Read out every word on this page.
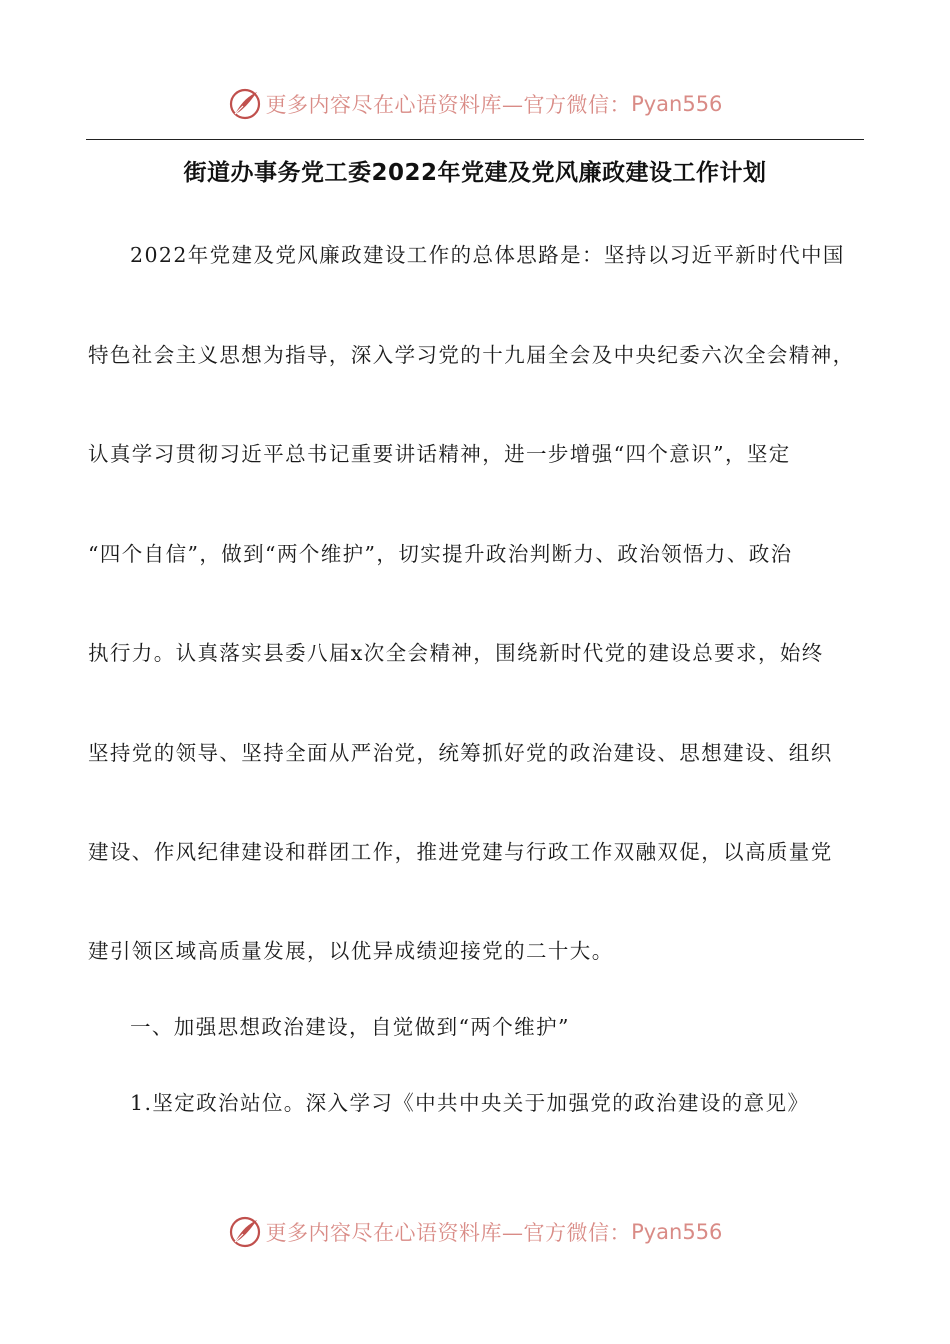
更多内容尽在心语资料库—官方微信： Pyan556
街道办事务党工委2022年党建及党风廉政建设工作计划
2022年党建及党风廉政建设工作的总体思路是：坚持以习近平新时代中国
特色社会主义思想为指导，深入学习党的十九届全会及中央纪委六次全会精神，
认真学习贯彻习近平总书记重要讲话精神，进一步增强“四个意识”，坚定
“四个自信”，做到“两个维护”，切实提升政治判断力、政治领悟力、政治
执行力。认真落实县委八届x次全会精神，围绕新时代党的建设总要求，始终
坚持党的领导、坚持全面从严治党，统筹抓好党的政治建设、思想建设、组织
建设、作风纪律建设和群团工作，推进党建与行政工作双融双促，以高质量党
建引领区域高质量发展，以优异成绩迎接党的二十大。
一、加强思想政治建设，自觉做到“两个维护”
1.坚定政治站位。深入学习《中共中央关于加强党的政治建设的意见》
更多内容尽在心语资料库—官方微信： Pyan556
